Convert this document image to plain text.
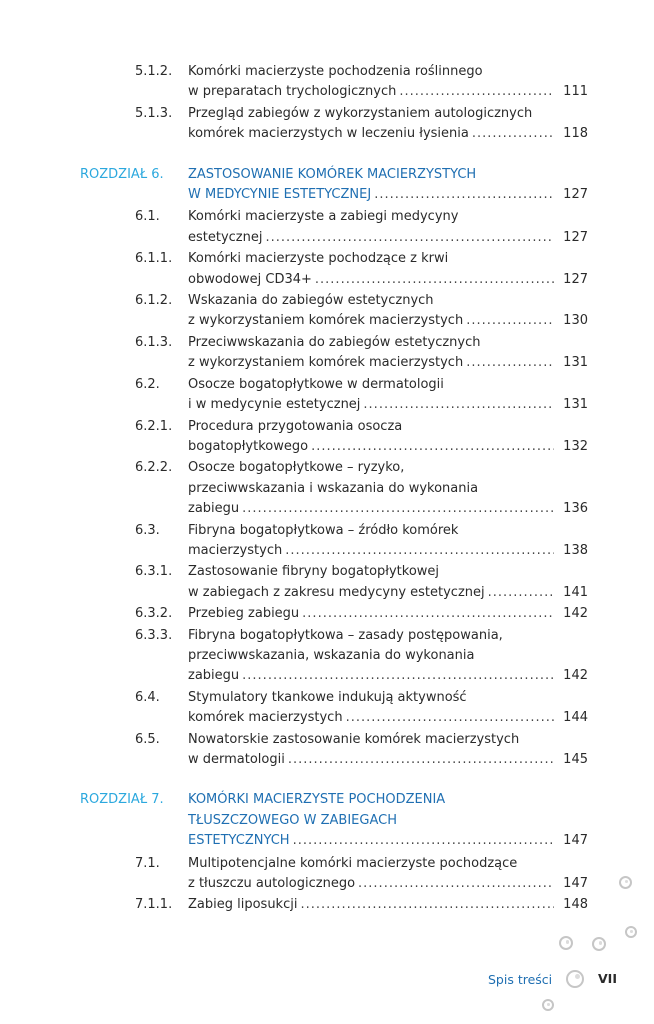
5.1.2. Komórki macierzyste pochodzenia roślinnego
w preparatach trychologicznych .....	111
5.1.3. Przegląd zabiegów z wykorzystaniem autologicznych
komórek macierzystych w leczeniu łysienia .....	118
ROZDZIAŁ 6. ZASTOSOWANIE KOMÓREK MACIERZYSTYCH
W MEDYCYNIE ESTETYCZNEJ .....	127
6.1. Komórki macierzyste a zabiegi medycyny
estetycznej .....	127
6.1.1. Komórki macierzyste pochodzące z krwi
obwodowej CD34+ .....	127
6.1.2. Wskazania do zabiegów estetycznych
z wykorzystaniem komórek macierzystych .....	130
6.1.3. Przeciwwskazania do zabiegów estetycznych
z wykorzystaniem komórek macierzystych .....	131
6.2. Osocze bogatopłytkowe w dermatologii
i w medycynie estetycznej .....	131
6.2.1. Procedura przygotowania osocza
bogatopłytkowego .....	132
6.2.2. Osocze bogatopłytkowe – ryzyko,
przeciwwskazania i wskazania do wykonania
zabiegu .....	136
6.3. Fibryna bogatopłytkowa – źródło komórek
macierzystych .....	138
6.3.1. Zastosowanie fibryny bogatopłytkowej
w zabiegach z zakresu medycyny estetycznej .....	141
6.3.2. Przebieg zabiegu .....	142
6.3.3. Fibryna bogatopłytkowa – zasady postępowania,
przeciwwskazania, wskazania do wykonania
zabiegu .....	142
6.4. Stymulatory tkankowe indukują aktywność
komórek macierzystych .....	144
6.5. Nowatorskie zastosowanie komórek macierzystych
w dermatologii .....	145
ROZDZIAŁ 7. KOMÓRKI MACIERZYSTE POCHODZENIA
TŁUSZCZOWEGO W ZABIEGACH
ESTETYCZNYCH .....	147
7.1. Multipotencjalne komórki macierzyste pochodzące
z tłuszczu autologicznego .....	147
7.1.1. Zabieg liposukcji .....	148
Spis treści	VII
